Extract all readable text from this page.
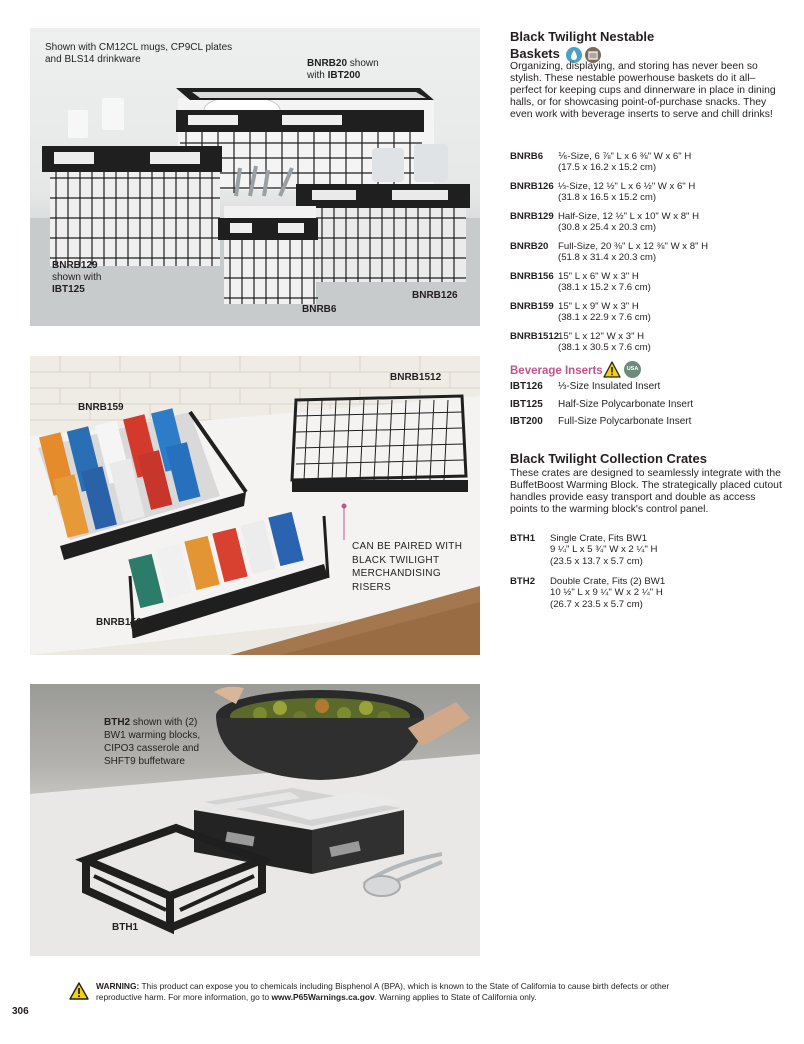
Shown with CM12CL mugs, CP9CL plates
and BLS14 drinkware	BNRB20 shown
with IBT200
BNRB129
shown with
IBT125
BNRB6
BNRB126
BNRB159
BNRB1512
BNRB156
CAN BE PAIRED WITH
BLACK TWILIGHT
MERCHANDISING RISERS
BTH2 shown with (2)
BW1 warming blocks,
CIPO3 casserole and
SHFT9 buffetware
BTH1
Black Twilight Nestable
Baskets
Organizing, displaying, and storing has never been so stylish. These nestable powerhouse baskets do it all–perfect for keeping cups and dinnerware in place in dining halls, or for showcasing point-of-purchase snacks. They even work with beverage inserts to serve and chill drinks!
BNRB6	⅙-Size, 6 ⅞" L x 6 ⅜" W x 6" H
(17.5 x 16.2 x 15.2 cm)
BNRB126 ⅓-Size, 12 ½" L x 6 ½" W x 6" H
(31.8 x 16.5 x 15.2 cm)
BNRB129 Half-Size, 12 ½" L x 10" W x 8" H
(30.8 x 25.4 x 20.3 cm)
BNRB20	Full-Size, 20 ⅜" L x 12 ⅜" W x 8" H
(51.8 x 31.4 x 20.3 cm)
BNRB156 15" L x 6" W x 3" H
(38.1 x 15.2 x 7.6 cm)
BNRB159 15" L x 9" W x 3" H
(38.1 x 22.9 x 7.6 cm)
BNRB1512
15" L x 12" W x 3" H
(38.1 x 30.5 x 7.6 cm)
Beverage Inserts	USA
IBT126 ⅓-Size Insulated Insert
IBT125 Half-Size Polycarbonate Insert
IBT200 Full-Size Polycarbonate Insert
Black Twilight Collection Crates
These crates are designed to seamlessly integrate with the BuffetBoost Warming Block. The strategically placed cutout handles provide easy transport and double as access points to the warming block's control panel.
BTH1	Single Crate, Fits BW1
9 ¼" L x 5 ¾" W x 2 ¼" H
(23.5 x 13.7 x 5.7 cm)
BTH2	Double Crate, Fits (2) BW1
10 ½" L x 9 ¼" W x 2 ¼" H
(26.7 x 23.5 x 5.7 cm)
WARNING: This product can expose you to chemicals including Bisphenol A (BPA), which is known to the State of California to cause birth defects or other reproductive harm. For more information, go to www.P65Warnings.ca.gov. Warning applies to State of California only.
306
